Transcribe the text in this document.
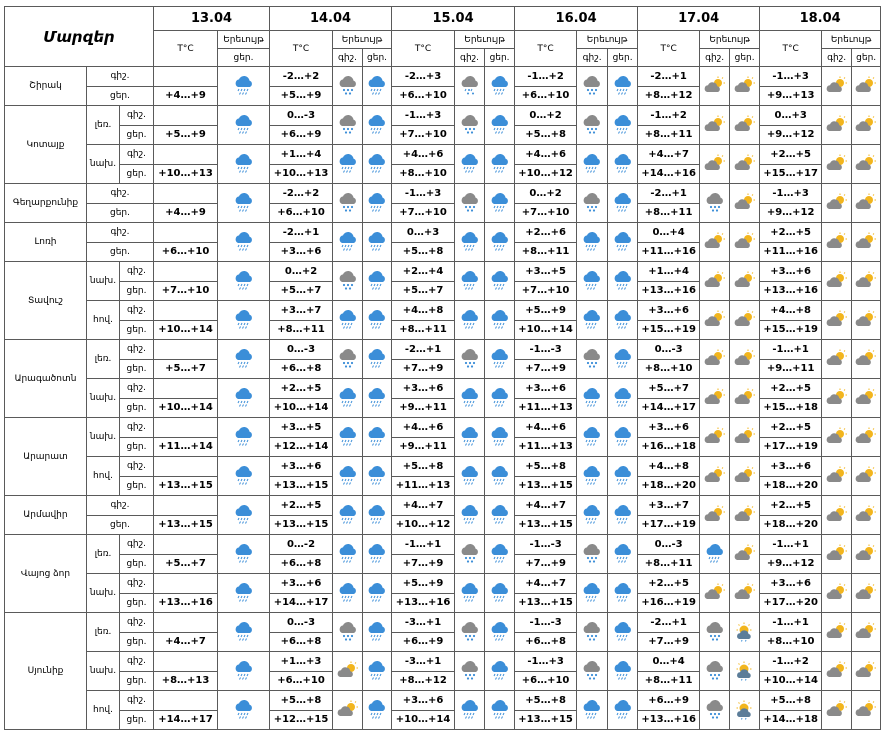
Մարզեր			13.04		14.04			15.04			16.04			17.04			18.04		
			T°C	Երեւույթ	T°C	Երեւույթ		T°C	Երեւույթ		T°C	Երեւույթ		T°C	Երեւույթ		T°C	Երեւույթ	
				ցեր.		գիշ.	ցեր.		գիշ.	ցեր.		գիշ.	ցեր.		գիշ.	ցեր.		գիշ.	ցեր.
Շիրակ	գիշ.				-2…+2			-2…+3			-1…+2			-2…+1			-1…+3	

	ցեր.		+4…+9		+5…+9			+6…+10			+6…+10			+8…+12			+9…+13		
Կոտայք	լեռ.	գիշ.			0…-3			-1…+3			0…+2			-1…+2			0…+3	

		ցեր.	+5…+9		+6…+9			+7…+10			+5…+8			+8…+11			+9…+12		
	նախ.	գիշ.			+1…+4			+4…+6			+4…+6			+4…+7			+2…+5	

		ցեր.	+10…+13		+10…+13			+8…+10			+10…+12			+14…+16			+15…+17		
Գեղարքունիք	գիշ.				-2…+2			-1…+3			0…+2			-2…+1			-1…+3	

	ցեր.		+4…+9		+6…+10			+7…+10			+7…+10			+8…+11			+9…+12		
Լոռի	գիշ.				-2…+1			0…+3			+2…+6			0…+4			+2…+5	

	ցեր.		+6…+10		+3…+6			+5…+8			+8…+11			+11…+16			+11…+16		
Տավուշ	նախ.	գիշ.			0…+2			+2…+4			+3…+5			+1…+4			+3…+6	

		ցեր.	+7…+10		+5…+7			+5…+7			+7…+10			+13…+16			+13…+16		
	հով.	գիշ.			+3…+7			+4…+8			+5…+9			+3…+6			+4…+8	

		ցեր.	+10…+14		+8…+11			+8…+11			+10…+14			+15…+19			+15…+19		
Արագածոտն	լեռ.	գիշ.			0…-3			-2…+1			-1…-3			0…-3			-1…+1	

		ցեր.	+5…+7		+6…+8			+7…+9			+7…+9			+8…+10			+9…+11		
	նախ.	գիշ.			+2…+5			+3…+6			+3…+6			+5…+7			+2…+5	

		ցեր.	+10…+14		+10…+14			+9…+11			+11…+13			+14…+17			+15…+18		
Արարատ	նախ.	գիշ.			+3…+5			+4…+6			+4…+6			+3…+6			+2…+5	

		ցեր.	+11…+14		+12…+14			+9…+11			+11…+13			+16…+18			+17…+19		
	հով.	գիշ.			+3…+6			+5…+8			+5…+8			+4…+8			+3…+6	

		ցեր.	+13…+15		+13…+15			+11…+13			+13…+15			+18…+20			+18…+20		
Արմավիր	գիշ.				+2…+5			+4…+7			+4…+7			+3…+7			+2…+5	

	ցեր.		+13…+15		+13…+15			+10…+12			+13…+15			+17…+19			+18…+20		
Վայոց ձոր	լեռ.	գիշ.			0…-2			-1…+1			-1…-3			0…-3			-1…+1	

		ցեր.	+5…+7		+6…+8			+7…+9			+7…+9			+8…+11			+9…+12		
	նախ.	գիշ.			+3…+6			+5…+9			+4…+7			+2…+5			+3…+6	

		ցեր.	+13…+16		+14…+17			+13…+16			+13…+15			+16…+19			+17…+20		
Սյունիք	լեռ.	գիշ.			0…-3			-3…+1			-1…-3			-2…+1			-1…+1	

		ցեր.	+4…+7		+6…+8			+6…+9			+6…+8			+7…+9			+8…+10		
	նախ.	գիշ.			+1…+3			-3…+1			-1…+3			0…+4			-1…+2	

		ցեր.	+8…+13		+6…+10			+8…+12			+6…+10			+8…+11			+10…+14		
	հով.	գիշ.			+5…+8			+3…+6			+5…+8			+6…+9			+5…+8	

		ցեր.	+14…+17		+12…+15			+10…+14			+13…+15			+13…+16			+14…+18		
